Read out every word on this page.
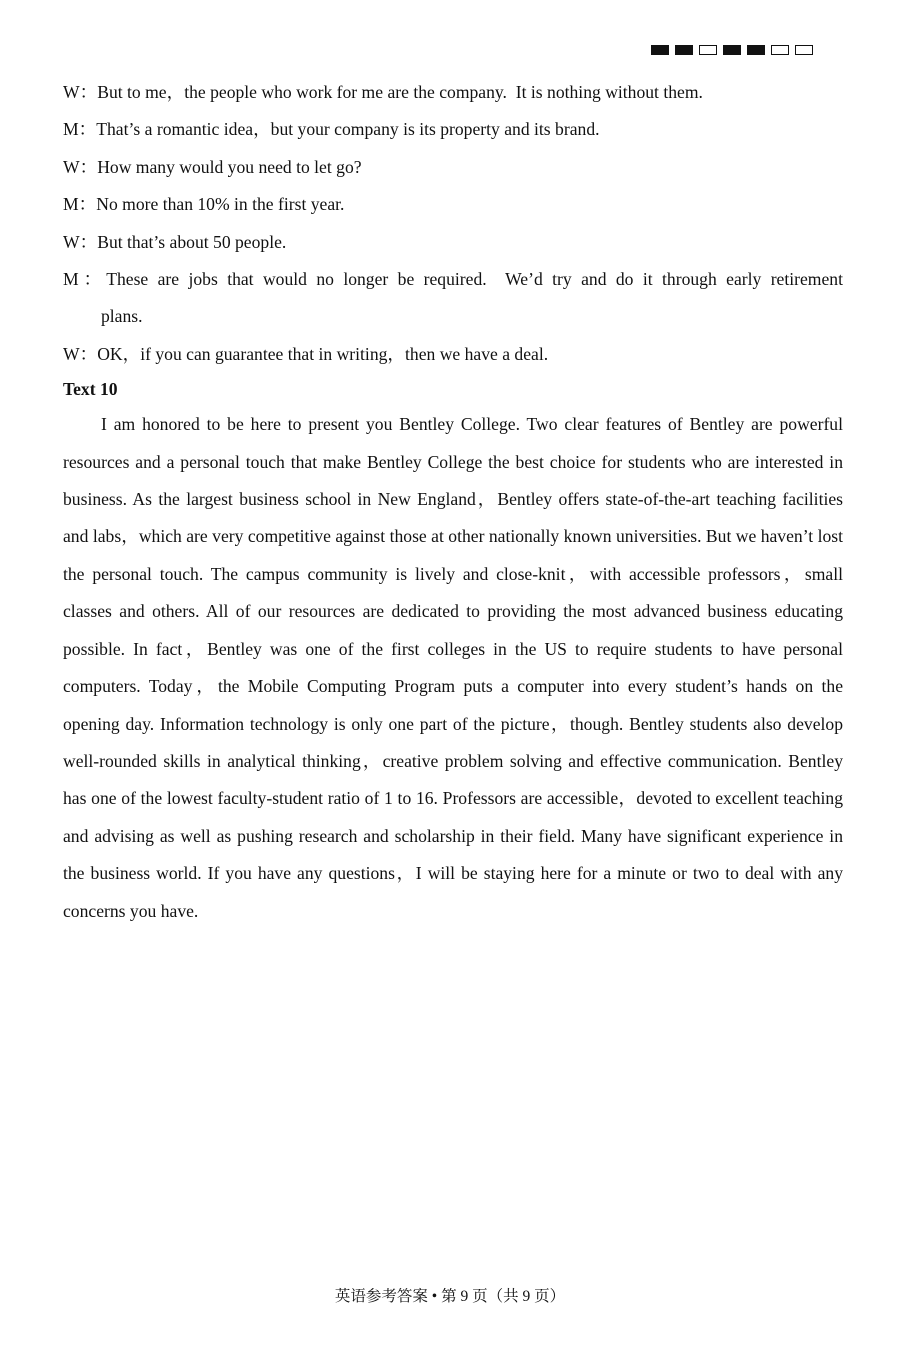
W：But to me，the people who work for me are the company.  It is nothing without them.
M：That’s a romantic idea，but your company is its property and its brand.
W：How many would you need to let go?
M：No more than 10% in the first year.
W：But that’s about 50 people.
M：These are jobs that would no longer be required.  We’d try and do it through early retirement
plans.
W：OK，if you can guarantee that in writing，then we have a deal.
Text 10
I am honored to be here to present you Bentley College. Two clear features of Bentley are powerful resources and a personal touch that make Bentley College the best choice for students who are interested in business. As the largest business school in New England，Bentley offers state-of-the-art teaching facilities and labs，which are very competitive against those at other nationally known universities. But we haven’t lost the personal touch. The campus community is lively and close-knit，with accessible professors，small classes and others. All of our resources are dedicated to providing the most advanced business educating possible. In fact，Bentley was one of the first colleges in the US to require students to have personal computers. Today，the Mobile Computing Program puts a computer into every student’s hands on the opening day. Information technology is only one part of the picture，though. Bentley students also develop well-rounded skills in analytical thinking，creative problem solving and effective communication. Bentley has one of the lowest faculty-student ratio of 1 to 16. Professors are accessible，devoted to excellent teaching and advising as well as pushing research and scholarship in their field. Many have significant experience in the business world. If you have any questions，I will be staying here for a minute or two to deal with any concerns you have.
英语参考答案 • 第 9 页（共 9 页）
